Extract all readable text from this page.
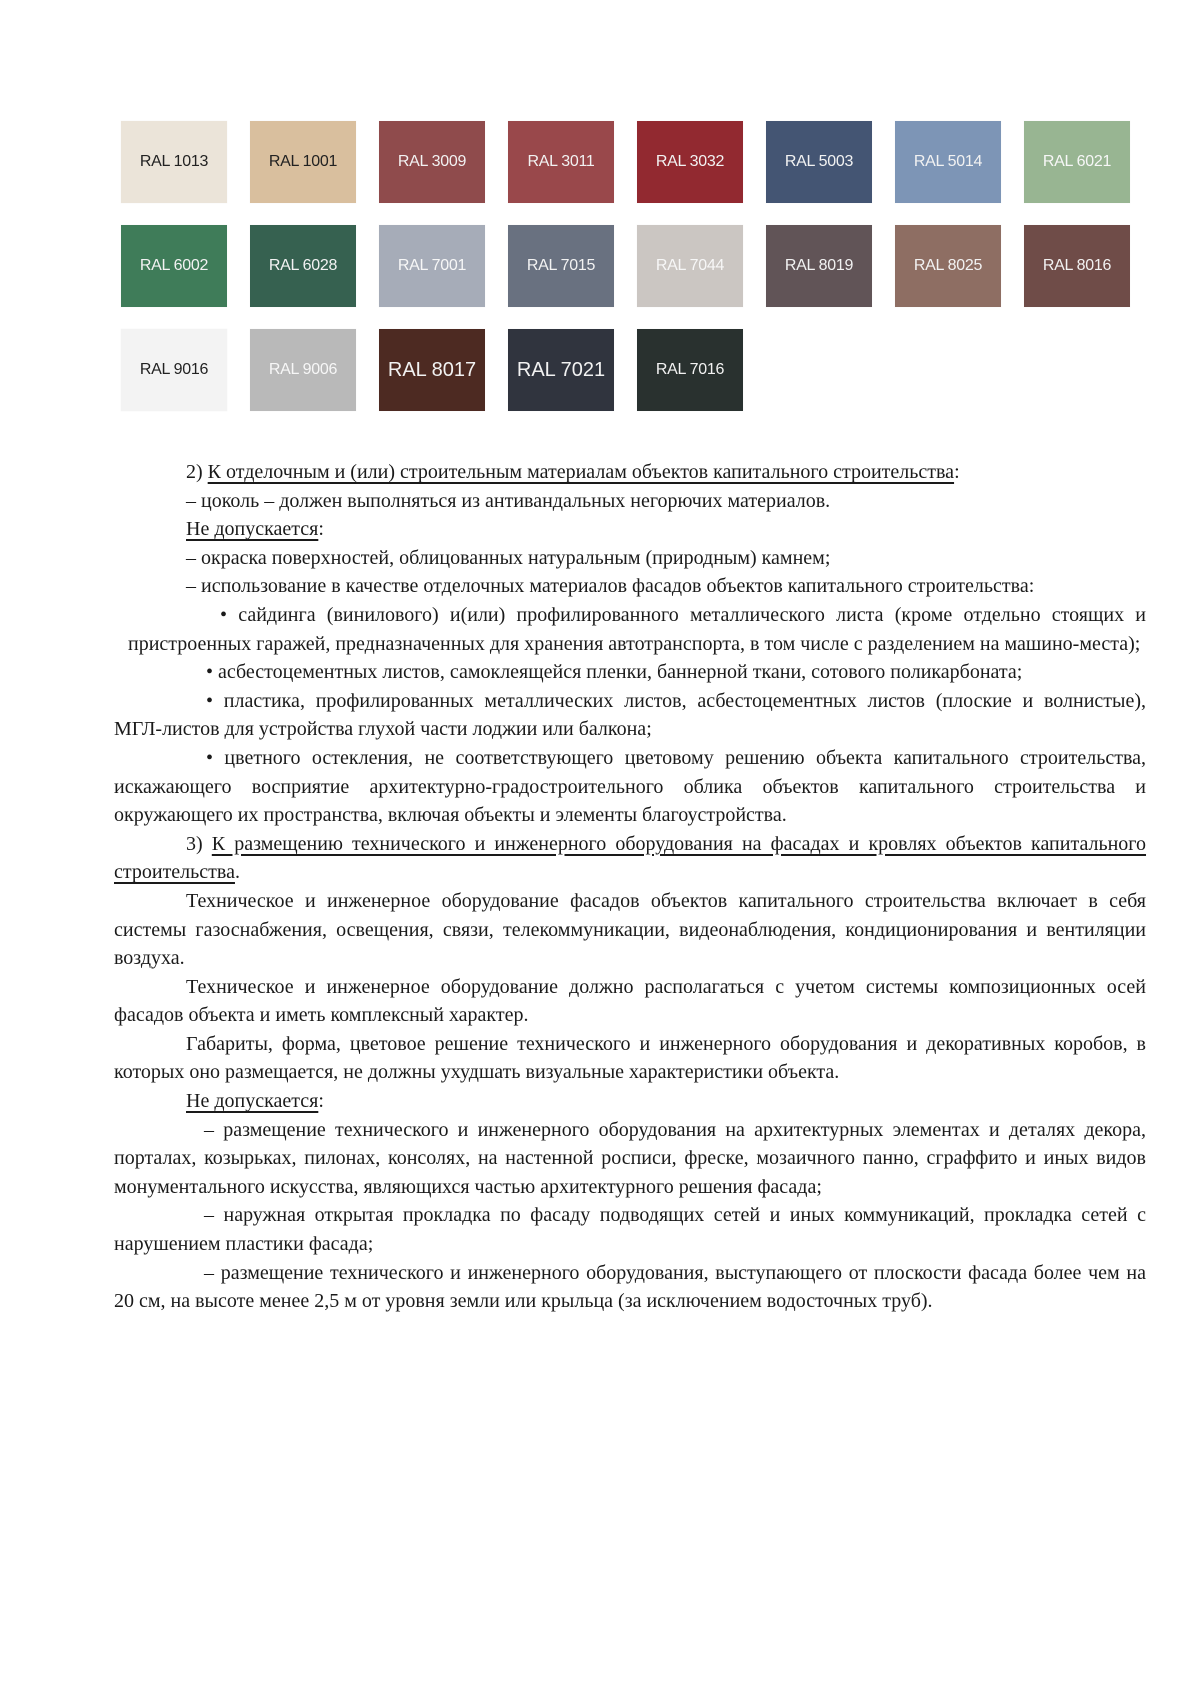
RAL 1013	RAL 1001	RAL 3009	RAL 3011	RAL 3032	RAL 5003	RAL 5014	RAL 6021
RAL 6002	RAL 6028	RAL 7001	RAL 7015	RAL 7044	RAL 8019	RAL 8025	RAL 8016
RAL 9016	RAL 9006	RAL 8017 RAL 7021	RAL 7016

2) К отделочным и (или) строительным материалам объектов капитального строительства:

– цоколь – должен выполняться из антивандальных негорючих материалов.

Не допускается:

– окраска поверхностей, облицованных натуральным (природным) камнем;

– использование в качестве отделочных материалов фасадов объектов капитального строительства:

• сайдинга (винилового) и(или) профилированного металлического листа (кроме отдельно стоящих и пристроенных гаражей, предназначенных для хранения автотранспорта, в том числе с разделением на машино-места);

• асбестоцементных листов, самоклеящейся пленки, баннерной ткани, сотового поликарбоната;

• пластика, профилированных металлических листов, асбестоцементных листов (плоские и волнистые), МГЛ-листов для устройства глухой части лоджии или балкона;

• цветного остекления, не соответствующего цветовому решению объекта капитального строительства, искажающего восприятие архитектурно-градостроительного облика объектов капитального строительства и окружающего их пространства, включая объекты и элементы благоустройства.

3) К размещению технического и инженерного оборудования на фасадах и кровлях объектов капитального строительства.

Техническое и инженерное оборудование фасадов объектов капитального строительства включает в себя системы газоснабжения, освещения, связи, телекоммуникации, видеонаблюдения, кондиционирования и вентиляции воздуха.

Техническое и инженерное оборудование должно располагаться с учетом системы композиционных осей фасадов объекта и иметь комплексный характер.

Габариты, форма, цветовое решение технического и инженерного оборудования и декоративных коробов, в которых оно размещается, не должны ухудшать визуальные характеристики объекта.

Не допускается:

– размещение технического и инженерного оборудования на архитектурных элементах и деталях декора, порталах, козырьках, пилонах, консолях, на настенной росписи, фреске, мозаичного панно, сграффито и иных видов монументального искусства, являющихся частью архитектурного решения фасада;

– наружная открытая прокладка по фасаду подводящих сетей и иных коммуникаций, прокладка сетей с нарушением пластики фасада;

– размещение технического и инженерного оборудования, выступающего от плоскости фасада более чем на 20 см, на высоте менее 2,5 м от уровня земли или крыльца (за исключением водосточных труб).
